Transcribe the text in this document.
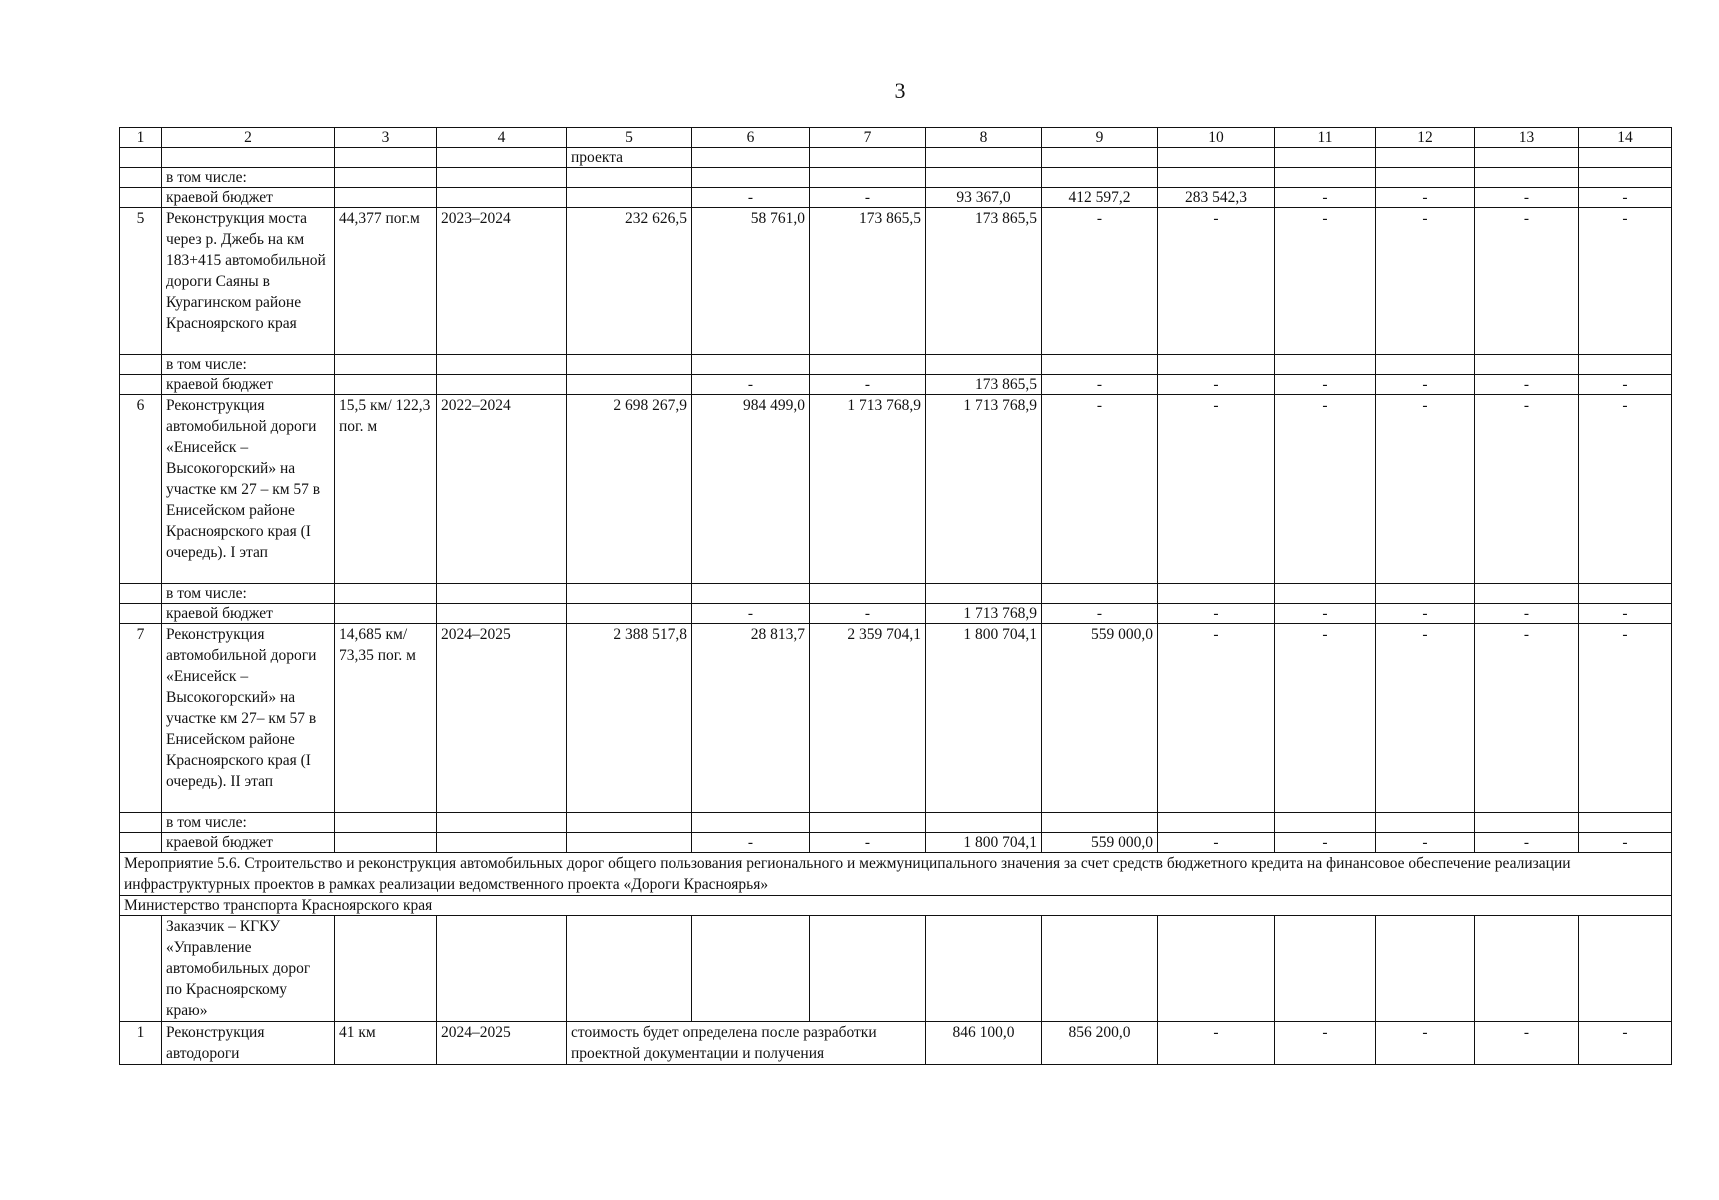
3
1	2	3	4	5	6	7	8	9	10	11	12	13	14
				проекта									
	в том числе:												
	краевой бюджет				-	-	93 367,0	412 597,2	283 542,3	-	-	-	-
5	Реконструкция моста через р. Джебь на км 183+415 автомобильной дороги Саяны в Курагинском районе Красноярского края	44,377 пог.м	2023–2024	232 626,5	58 761,0	173 865,5	173 865,5	-	-	-	-	-	-
	в том числе:												
	краевой бюджет				-	-	173 865,5	-	-	-	-	-	-
6	Реконструкция автомобильной дороги «Енисейск – Высокогорский» на участке км 27 – км 57 в Енисейском районе Красноярского края (I очередь). I этап	15,5 км/ 122,3 пог. м	2022–2024	2 698 267,9	984 499,0	1 713 768,9	1 713 768,9	-	-	-	-	-	-
	в том числе:												
	краевой бюджет				-	-	1 713 768,9	-	-	-	-	-	-
7	Реконструкция автомобильной дороги «Енисейск – Высокогорский» на участке км 27– км 57 в Енисейском районе Красноярского края (I очередь). II этап	14,685 км/ 73,35 пог. м	2024–2025	2 388 517,8	28 813,7	2 359 704,1	1 800 704,1	559 000,0	-	-	-	-	-
	в том числе:												
	краевой бюджет				-	-	1 800 704,1	559 000,0	-	-	-	-	-
Мероприятие 5.6. Строительство и реконструкция автомобильных дорог общего пользования регионального и межмуниципального значения за счет средств бюджетного кредита на финансовое обеспечение реализации инфраструктурных проектов в рамках реализации ведомственного проекта «Дороги Красноярья»													
Министерство транспорта Красноярского края													
	Заказчик – КГКУ «Управление автомобильных дорог по Красноярскому краю»												
1	Реконструкция автодороги	41 км	2024–2025	стоимость будет определена после разработки проектной документации и получения			846 100,0	856 200,0	-	-	-	-	-
